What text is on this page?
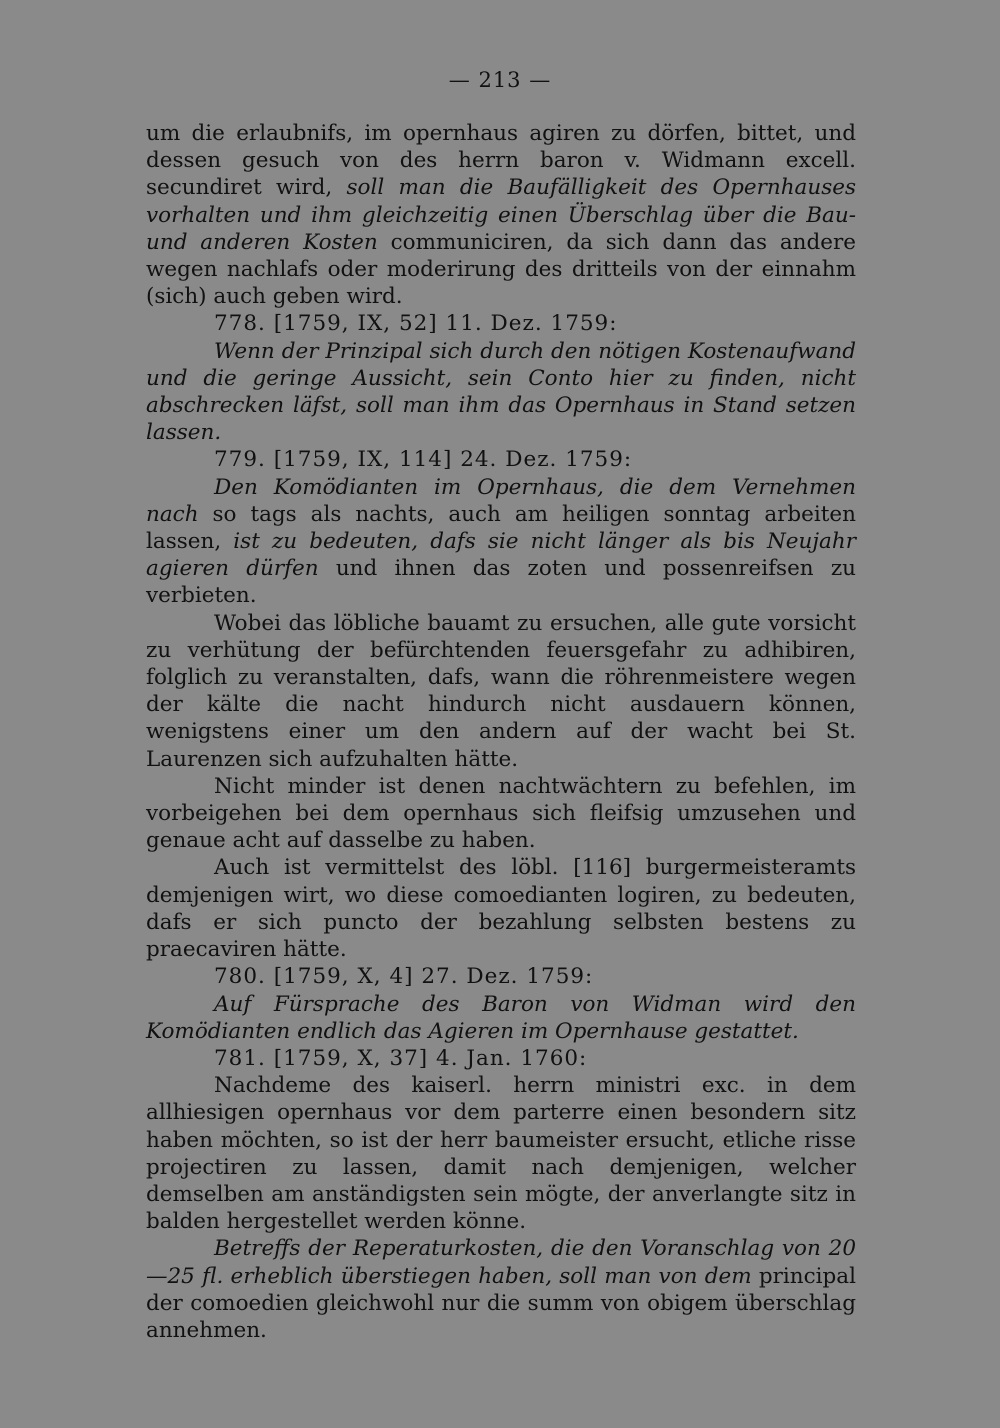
— 213 —

um die erlaubnifs, im opernhaus agiren zu dörfen, bittet, und dessen gesuch von des herrn baron v. Widmann excell. secundiret wird, soll man die Baufälligkeit des Opernhauses vorhalten und ihm gleichzeitig einen Überschlag über die Bau- und anderen Kosten communiciren, da sich dann das andere wegen nachlafs oder moderirung des dritteils von der einnahm (sich) auch geben wird.

778. [1759, IX, 52] 11. Dez. 1759:

Wenn der Prinzipal sich durch den nötigen Kostenaufwand und die geringe Aussicht, sein Conto hier zu finden, nicht abschrecken läfst, soll man ihm das Opernhaus in Stand setzen lassen.

779. [1759, IX, 114] 24. Dez. 1759:

Den Komödianten im Opernhaus, die dem Vernehmen nach so tags als nachts, auch am heiligen sonntag arbeiten lassen, ist zu bedeuten, dafs sie nicht länger als bis Neujahr agieren dürfen und ihnen das zoten und possenreifsen zu verbieten.

Wobei das löbliche bauamt zu ersuchen, alle gute vorsicht zu verhütung der befürchtenden feuersgefahr zu adhibiren, folglich zu veranstalten, dafs, wann die röhrenmeistere wegen der kälte die nacht hindurch nicht ausdauern können, wenigstens einer um den andern auf der wacht bei St. Laurenzen sich aufzuhalten hätte.

Nicht minder ist denen nachtwächtern zu befehlen, im vorbeigehen bei dem opernhaus sich fleifsig umzusehen und genaue acht auf dasselbe zu haben.

Auch ist vermittelst des löbl. [116] burgermeisteramts demjenigen wirt, wo diese comoedianten logiren, zu bedeuten, dafs er sich puncto der bezahlung selbsten bestens zu praecaviren hätte.

780. [1759, X, 4] 27. Dez. 1759:

Auf Fürsprache des Baron von Widman wird den Komödianten endlich das Agieren im Opernhause gestattet.

781. [1759, X, 37] 4. Jan. 1760:

Nachdeme des kaiserl. herrn ministri exc. in dem allhiesigen opernhaus vor dem parterre einen besondern sitz haben möchten, so ist der herr baumeister ersucht, etliche risse projectiren zu lassen, damit nach demjenigen, welcher demselben am anständigsten sein mögte, der anverlangte sitz in balden hergestellet werden könne.

Betreffs der Reperaturkosten, die den Voranschlag von 20—25 fl. erheblich überstiegen haben, soll man von dem principal der comoedien gleichwohl nur die summ von obigem überschlag annehmen.
